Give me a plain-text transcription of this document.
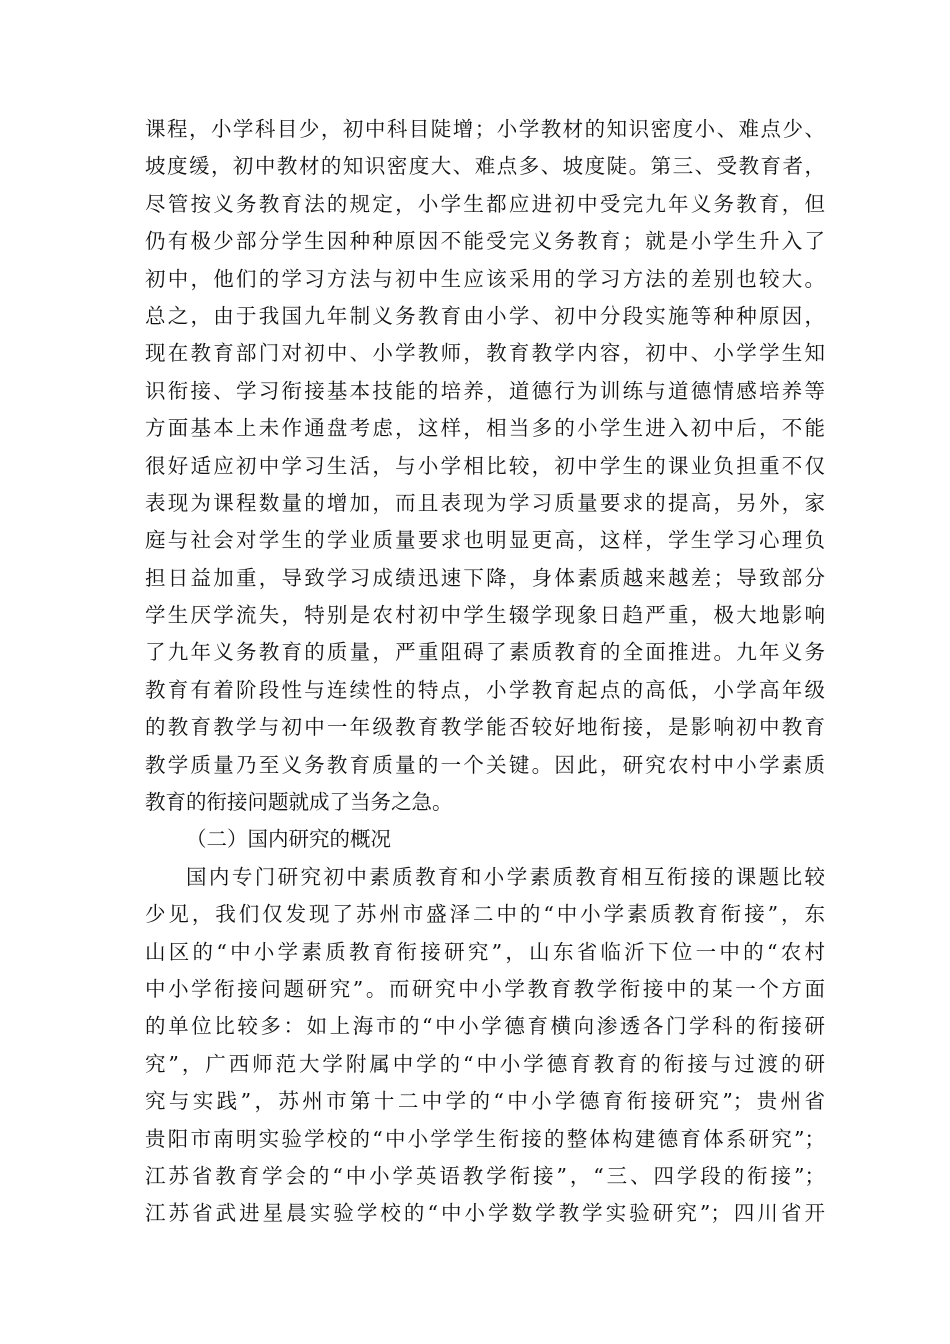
课程，小学科目少，初中科目陡增；小学教材的知识密度小、难点少、
坡度缓，初中教材的知识密度大、难点多、坡度陡。第三、受教育者，
尽管按义务教育法的规定，小学生都应进初中受完九年义务教育，但
仍有极少部分学生因种种原因不能受完义务教育；就是小学生升入了
初中，他们的学习方法与初中生应该采用的学习方法的差别也较大。
总之，由于我国九年制义务教育由小学、初中分段实施等种种原因，
现在教育部门对初中、小学教师，教育教学内容，初中、小学学生知
识衔接、学习衔接基本技能的培养，道德行为训练与道德情感培养等
方面基本上未作通盘考虑，这样，相当多的小学生进入初中后，不能
很好适应初中学习生活，与小学相比较，初中学生的课业负担重不仅
表现为课程数量的增加，而且表现为学习质量要求的提高，另外，家
庭与社会对学生的学业质量要求也明显更高，这样，学生学习心理负
担日益加重，导致学习成绩迅速下降，身体素质越来越差；导致部分
学生厌学流失，特别是农村初中学生辍学现象日趋严重，极大地影响
了九年义务教育的质量，严重阻碍了素质教育的全面推进。九年义务
教育有着阶段性与连续性的特点，小学教育起点的高低，小学高年级
的教育教学与初中一年级教育教学能否较好地衔接，是影响初中教育
教学质量乃至义务教育质量的一个关键。因此，研究农村中小学素质
教育的衔接问题就成了当务之急。
（二）国内研究的概况
国内专门研究初中素质教育和小学素质教育相互衔接的课题比较
少见，我们仅发现了苏州市盛泽二中的“中小学素质教育衔接”，东
山区的“中小学素质教育衔接研究”，山东省临沂下位一中的“农村
中小学衔接问题研究”。而研究中小学教育教学衔接中的某一个方面
的单位比较多：如上海市的“中小学德育横向渗透各门学科的衔接研
究”，广西师范大学附属中学的“中小学德育教育的衔接与过渡的研
究与实践”，苏州市第十二中学的“中小学德育衔接研究”；贵州省
贵阳市南明实验学校的“中小学学生衔接的整体构建德育体系研究”；
江苏省教育学会的“中小学英语教学衔接”，“三、四学段的衔接”；
江苏省武进星晨实验学校的“中小学数学教学实验研究”；四川省开
